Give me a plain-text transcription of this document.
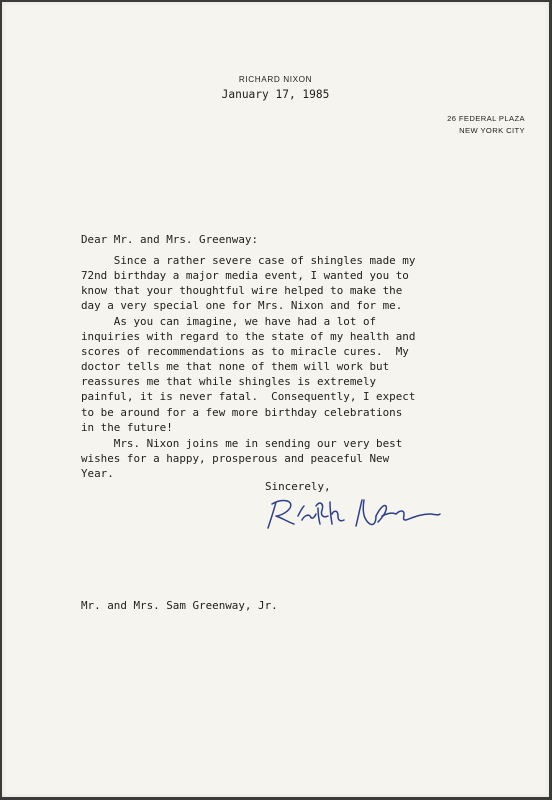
RICHARD NIXON
January 17, 1985
26 FEDERAL PLAZA
NEW YORK CITY
Dear Mr. and Mrs. Greenway:
Since a rather severe case of shingles made my
72nd birthday a major media event, I wanted you to
know that your thoughtful wire helped to make the
day a very special one for Mrs. Nixon and for me.
As you can imagine, we have had a lot of
inquiries with regard to the state of my health and
scores of recommendations as to miracle cures.  My
doctor tells me that none of them will work but
reassures me that while shingles is extremely
painful, it is never fatal.  Consequently, I expect
to be around for a few more birthday celebrations
in the future!
Mrs. Nixon joins me in sending our very best
wishes for a happy, prosperous and peaceful New
Year.
Sincerely,
Mr. and Mrs. Sam Greenway, Jr.
